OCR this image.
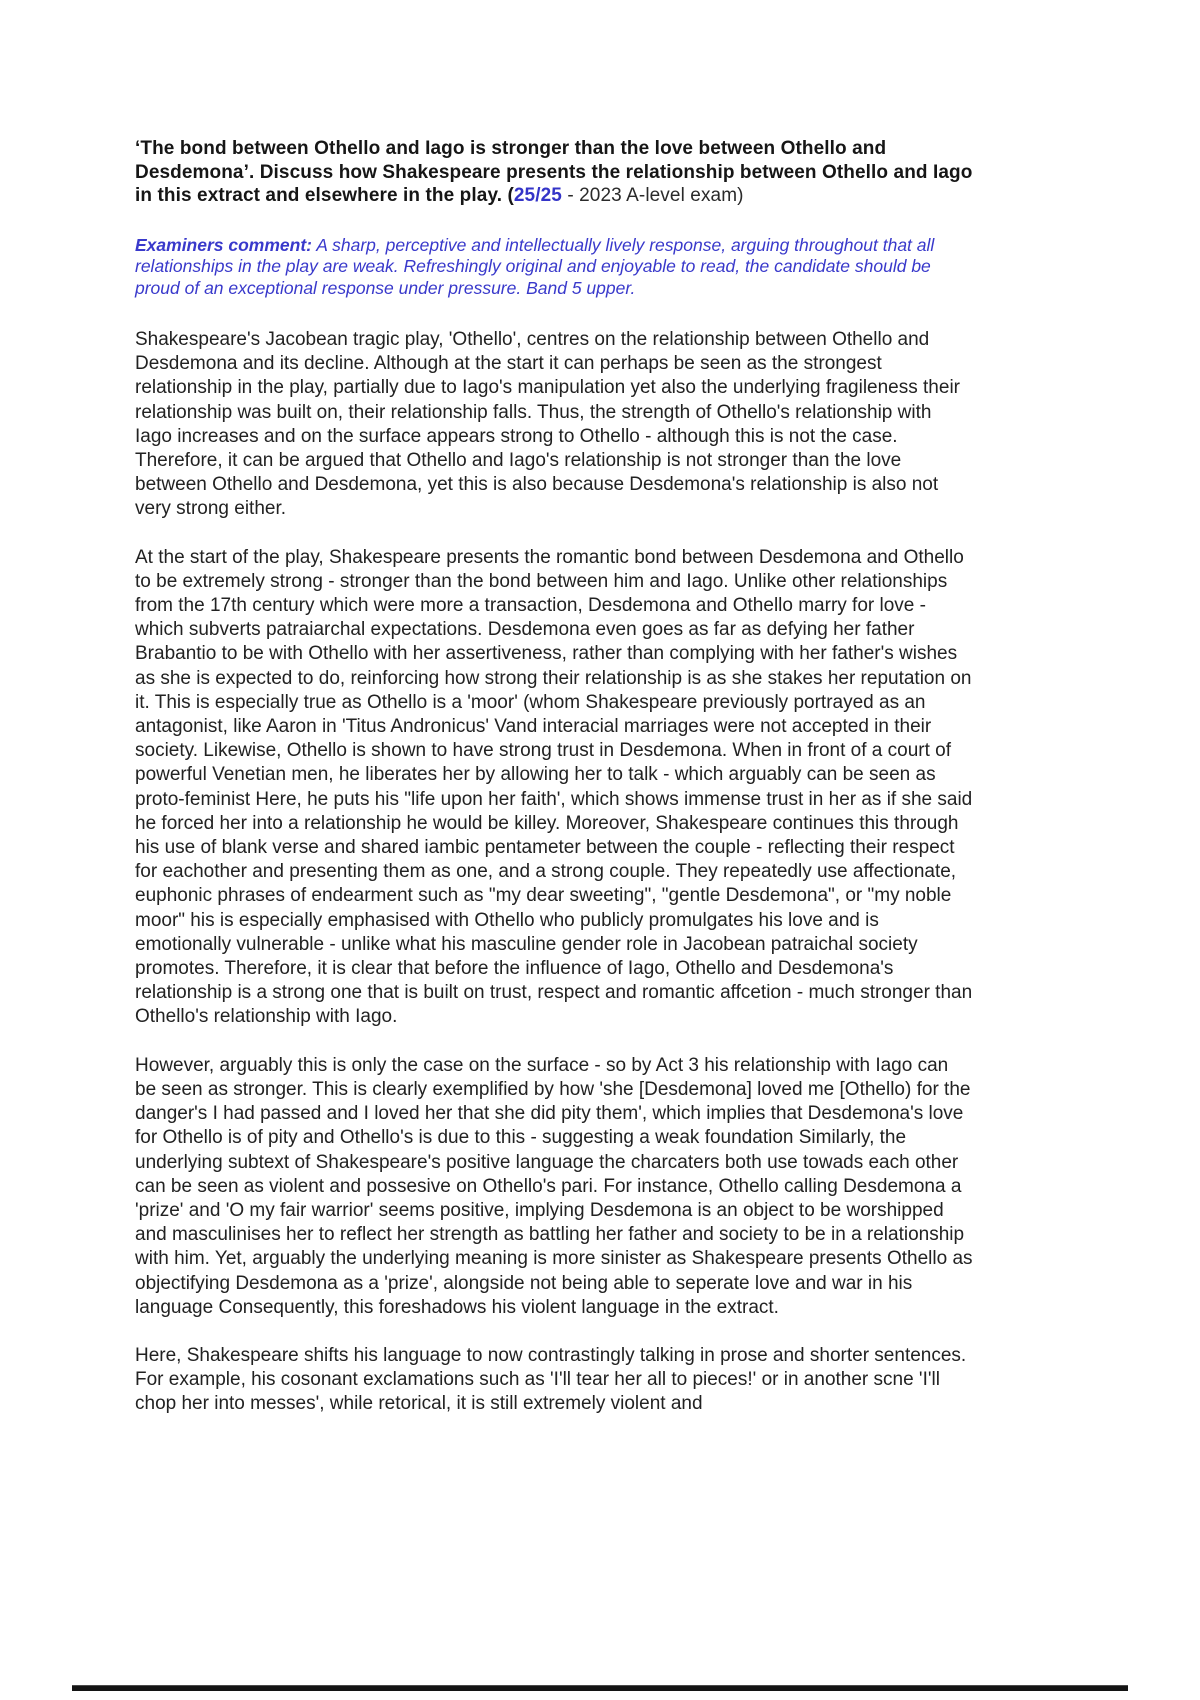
‘The bond between Othello and Iago is stronger than the love between Othello and Desdemona’. Discuss how Shakespeare presents the relationship between Othello and Iago in this extract and elsewhere in the play. (25/25 - 2023 A-level exam)
Examiners comment: A sharp, perceptive and intellectually lively response, arguing throughout that all relationships in the play are weak. Refreshingly original and enjoyable to read, the candidate should be proud of an exceptional response under pressure. Band 5 upper.

Shakespeare's Jacobean tragic play, 'Othello', centres on the relationship between Othello and Desdemona and its decline. Although at the start it can perhaps be seen as the strongest relationship in the play, partially due to Iago's manipulation yet also the underlying fragileness their relationship was built on, their relationship falls. Thus, the strength of Othello's relationship with Iago increases and on the surface appears strong to Othello - although this is not the case. Therefore, it can be argued that Othello and Iago's relationship is not stronger than the love between Othello and Desdemona, yet this is also because Desdemona's relationship is also not very strong either.

At the start of the play, Shakespeare presents the romantic bond between Desdemona and Othello to be extremely strong - stronger than the bond between him and Iago. Unlike other relationships from the 17th century which were more a transaction, Desdemona and Othello marry for love - which subverts patraiarchal expectations. Desdemona even goes as far as defying her father Brabantio to be with Othello with her assertiveness, rather than complying with her father's wishes as she is expected to do, reinforcing how strong their relationship is as she stakes her reputation on it. This is especially true as Othello is a 'moor' (whom Shakespeare previously portrayed as an antagonist, like Aaron in 'Titus Andronicus' Vand interacial marriages were not accepted in their society. Likewise, Othello is shown to have strong trust in Desdemona. When in front of a court of powerful Venetian men, he liberates her by allowing her to talk - which arguably can be seen as proto-feminist Here, he puts his "life upon her faith', which shows immense trust in her as if she said he forced her into a relationship he would be killey. Moreover, Shakespeare continues this through his use of blank verse and shared iambic pentameter between the couple - reflecting their respect for eachother and presenting them as one, and a strong couple. They repeatedly use affectionate, euphonic phrases of endearment such as "my dear sweeting", "gentle Desdemona", or "my noble moor" his is especially emphasised with Othello who publicly promulgates his love and is emotionally vulnerable - unlike what his masculine gender role in Jacobean patraichal society promotes. Therefore, it is clear that before the influence of Iago, Othello and Desdemona's relationship is a strong one that is built on trust, respect and romantic affcetion - much stronger than Othello's relationship with Iago.

However, arguably this is only the case on the surface - so by Act 3 his relationship with Iago can be seen as stronger. This is clearly exemplified by how 'she [Desdemona] loved me [Othello) for the danger's I had passed and I loved her that she did pity them', which implies that Desdemona's love for Othello is of pity and Othello's is due to this - suggesting a weak foundation Similarly, the underlying subtext of Shakespeare's positive language the charcaters both use towads each other can be seen as violent and possesive on Othello's pari. For instance, Othello calling Desdemona a 'prize' and 'O my fair warrior' seems positive, implying Desdemona is an object to be worshipped and masculinises her to reflect her strength as battling her father and society to be in a relationship with him. Yet, arguably the underlying meaning is more sinister as Shakespeare presents Othello as objectifying Desdemona as a 'prize', alongside not being able to seperate love and war in his language Consequently, this foreshadows his violent language in the extract.

Here, Shakespeare shifts his language to now contrastingly talking in prose and shorter sentences. For example, his cosonant exclamations such as 'I'll tear her all to pieces!' or in another scne 'I'll chop her into messes', while retorical, it is still extremely violent and
